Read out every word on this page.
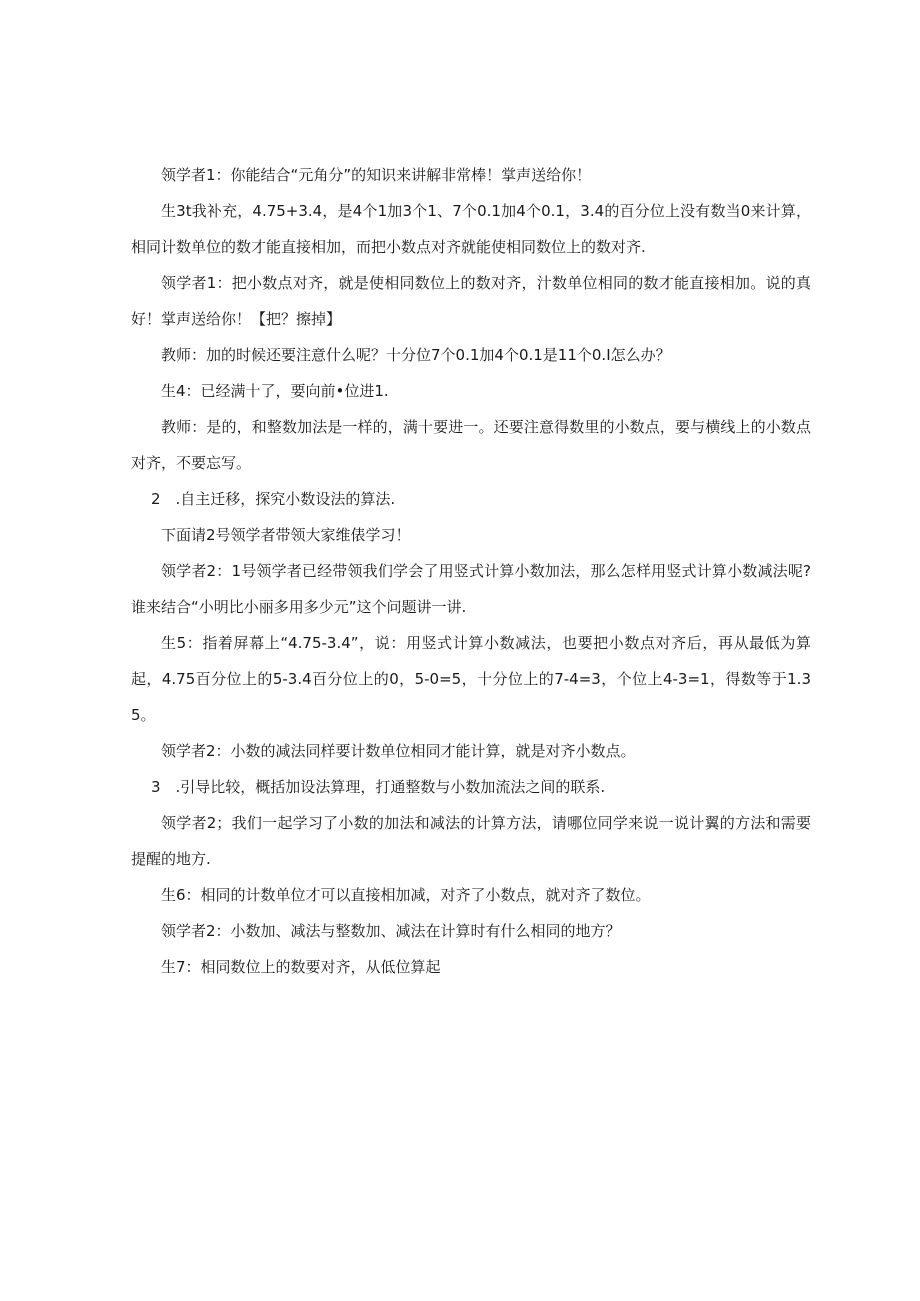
领学者1：你能结合“元角分”的知识来讲解非常棒！掌声送给你！

生3t我补充，4.75+3.4，是4个1加3个1、7个0.1加4个0.1，3.4的百分位上没有数当0来计算，相同计数单位的数才能直接相加，而把小数点对齐就能使相同数位上的数对齐.

领学者1：把小数点对齐，就是使相同数位上的数对齐，汁数单位相同的数才能直接相加。说的真好！掌声送给你！【把？擦掉】

教师：加的时候还要注意什么呢？十分位7个0.1加4个0.1是11个0.I怎么办？

生4：已经满十了，要向前•位进1.

教师：是的，和整数加法是一样的，满十要进一。还要注意得数里的小数点，要与横线上的小数点对齐，不要忘写。

2　.自主迁移，探究小数设法的算法.

下面请2号领学者带领大家维俵学习！

领学者2：1号领学者已经带领我们学会了用竖式计算小数加法，那么怎样用竖式计算小数减法呢?谁来结合“小明比小丽多用多少元”这个问题讲一讲.

生5：指着屏幕上“4.75-3.4”，说：用竖式计算小数减法，也要把小数点对齐后，再从最低为算起，4.75百分位上的5-3.4百分位上的0，5-0=5，十分位上的7-4=3，个位上4-3=1，得数等于1.35。

领学者2：小数的减法同样要计数单位相同才能计算，就是对齐小数点。

3　.引导比较，概括加设法算理，打通整数与小数加流法之间的联系.

领学者2；我们一起学习了小数的加法和减法的计算方法，请哪位同学来说一说计翼的方法和需要提醒的地方.

生6：相同的计数单位才可以直接相加减，对齐了小数点，就对齐了数位。

领学者2：小数加、减法与整数加、减法在计算时有什么相同的地方？

生7：相同数位上的数要对齐，从低位算起
